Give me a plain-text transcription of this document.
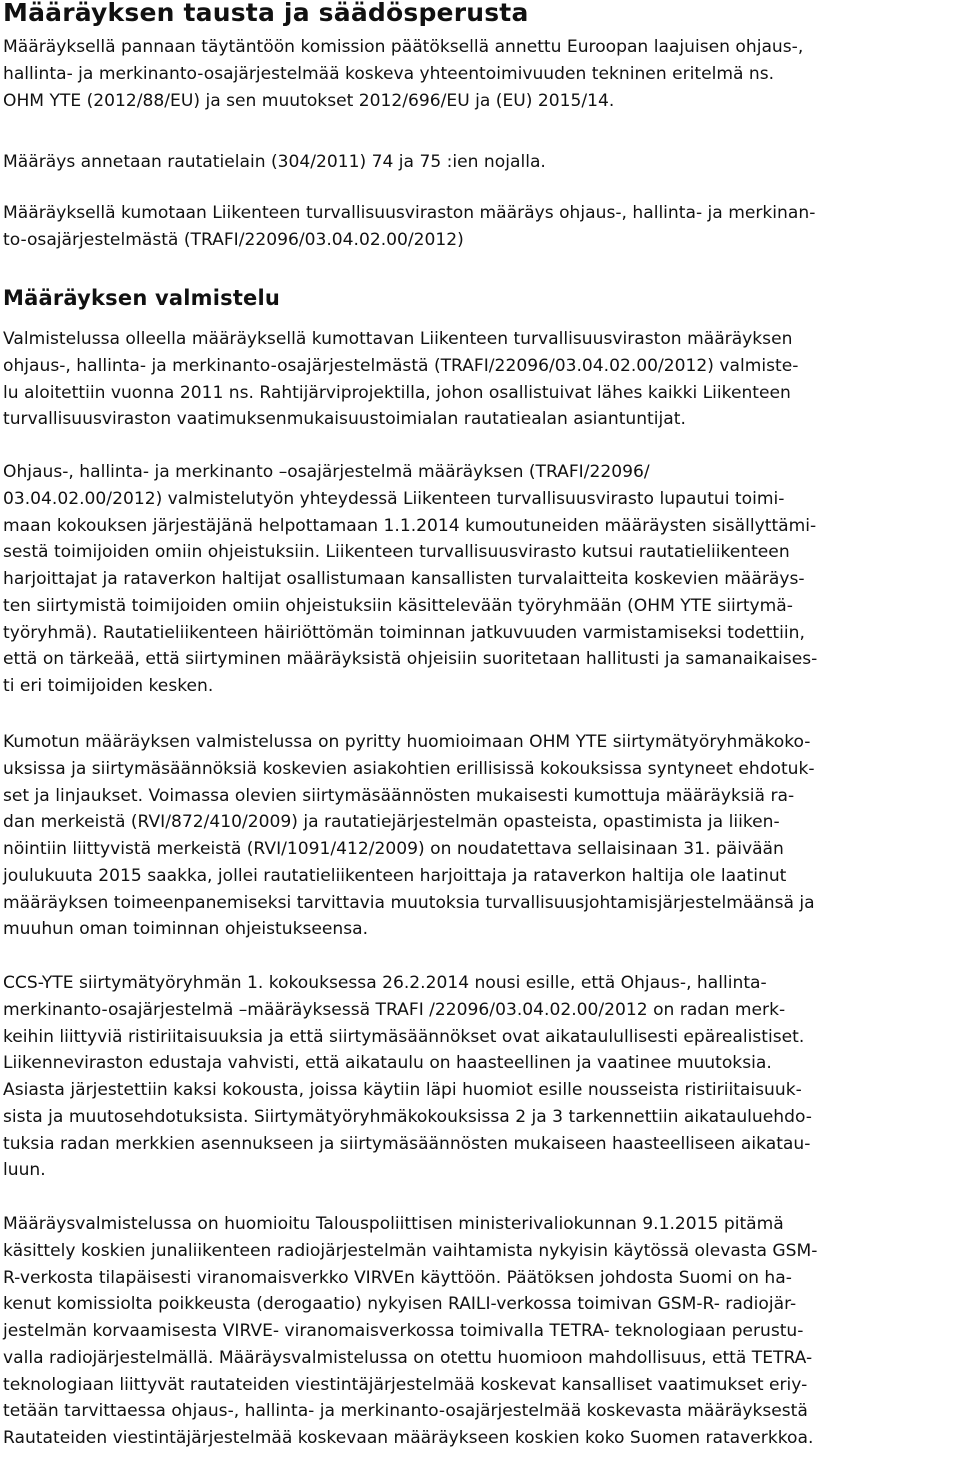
Määräyksen tausta ja säädösperusta
Määräyksellä pannaan täytäntöön komission päätöksellä annettu Euroopan laajuisen ohjaus-,
hallinta- ja merkinanto-osajärjestelmää koskeva yhteentoimivuuden tekninen eritelmä ns.
OHM YTE (2012/88/EU) ja sen muutokset 2012/696/EU ja (EU) 2015/14.
Määräys annetaan rautatielain (304/2011) 74 ja 75 :ien nojalla.
Määräyksellä kumotaan Liikenteen turvallisuusviraston määräys ohjaus-, hallinta- ja merkinan-
to-osajärjestelmästä (TRAFI/22096/03.04.02.00/2012)
Määräyksen valmistelu
Valmistelussa olleella määräyksellä kumottavan Liikenteen turvallisuusviraston määräyksen
ohjaus-, hallinta- ja merkinanto-osajärjestelmästä (TRAFI/22096/03.04.02.00/2012) valmiste-
lu aloitettiin vuonna 2011 ns. Rahtijärviprojektilla, johon osallistuivat lähes kaikki Liikenteen
turvallisuusviraston vaatimuksenmukaisuustoimialan rautatiealan asiantuntijat.
Ohjaus-, hallinta- ja merkinanto –osajärjestelmä määräyksen (TRAFI/22096/
03.04.02.00/2012) valmistelutyön yhteydessä Liikenteen turvallisuusvirasto lupautui toimi-
maan kokouksen järjestäjänä helpottamaan 1.1.2014 kumoutuneiden määräysten sisällyttämi-
sestä toimijoiden omiin ohjeistuksiin. Liikenteen turvallisuusvirasto kutsui rautatieliikenteen
harjoittajat ja rataverkon haltijat osallistumaan kansallisten turvalaitteita koskevien määräys-
ten siirtymistä toimijoiden omiin ohjeistuksiin käsittelevään työryhmään (OHM YTE siirtymä-
työryhmä). Rautatieliikenteen häiriöttömän toiminnan jatkuvuuden varmistamiseksi todettiin,
että on tärkeää, että siirtyminen määräyksistä ohjeisiin suoritetaan hallitusti ja samanaikaises-
ti eri toimijoiden kesken.
Kumotun määräyksen valmistelussa on pyritty huomioimaan OHM YTE siirtymätyöryhmäkoko-
uksissa ja siirtymäsäännöksiä koskevien asiakohtien erillisissä kokouksissa syntyneet ehdotuk-
set ja linjaukset. Voimassa olevien siirtymäsäännösten mukaisesti kumottuja määräyksiä ra-
dan merkeistä (RVI/872/410/2009) ja rautatiejärjestelmän opasteista, opastimista ja liiken-
nöintiin liittyvistä merkeistä (RVI/1091/412/2009) on noudatettava sellaisinaan 31. päivään
joulukuuta 2015 saakka, jollei rautatieliikenteen harjoittaja ja rataverkon haltija ole laatinut
määräyksen toimeenpanemiseksi tarvittavia muutoksia turvallisuusjohtamisjärjestelmäänsä ja
muuhun oman toiminnan ohjeistukseensa.
CCS-YTE siirtymätyöryhmän 1. kokouksessa 26.2.2014 nousi esille, että Ohjaus-, hallinta-
merkinanto-osajärjestelmä –määräyksessä TRAFI /22096/03.04.02.00/2012 on radan merk-
keihin liittyviä ristiriitaisuuksia ja että siirtymäsäännökset ovat aikataulullisesti epärealistiset.
Liikenneviraston edustaja vahvisti, että aikataulu on haasteellinen ja vaatinee muutoksia.
Asiasta järjestettiin kaksi kokousta, joissa käytiin läpi huomiot esille nousseista ristiriitaisuuk-
sista ja muutosehdotuksista. Siirtymätyöryhmäkokouksissa 2 ja 3 tarkennettiin aikatauluehdo-
tuksia radan merkkien asennukseen ja siirtymäsäännösten mukaiseen haasteelliseen aikatau-
luun.
Määräysvalmistelussa on huomioitu Talouspoliittisen ministerivaliokunnan 9.1.2015 pitämä
käsittely koskien junaliikenteen radiojärjestelmän vaihtamista nykyisin käytössä olevasta GSM-
R-verkosta tilapäisesti viranomaisverkko VIRVEn käyttöön. Päätöksen johdosta Suomi on ha-
kenut komissiolta poikkeusta (derogaatio) nykyisen RAILI-verkossa toimivan GSM-R- radiojär-
jestelmän korvaamisesta VIRVE- viranomaisverkossa toimivalla TETRA- teknologiaan perustu-
valla radiojärjestelmällä. Määräysvalmistelussa on otettu huomioon mahdollisuus, että TETRA-
teknologiaan liittyvät rautateiden viestintäjärjestelmää koskevat kansalliset vaatimukset eriy-
tetään tarvittaessa ohjaus-, hallinta- ja merkinanto-osajärjestelmää koskevasta määräyksestä
Rautateiden viestintäjärjestelmää koskevaan määräykseen koskien koko Suomen rataverkkoa.
